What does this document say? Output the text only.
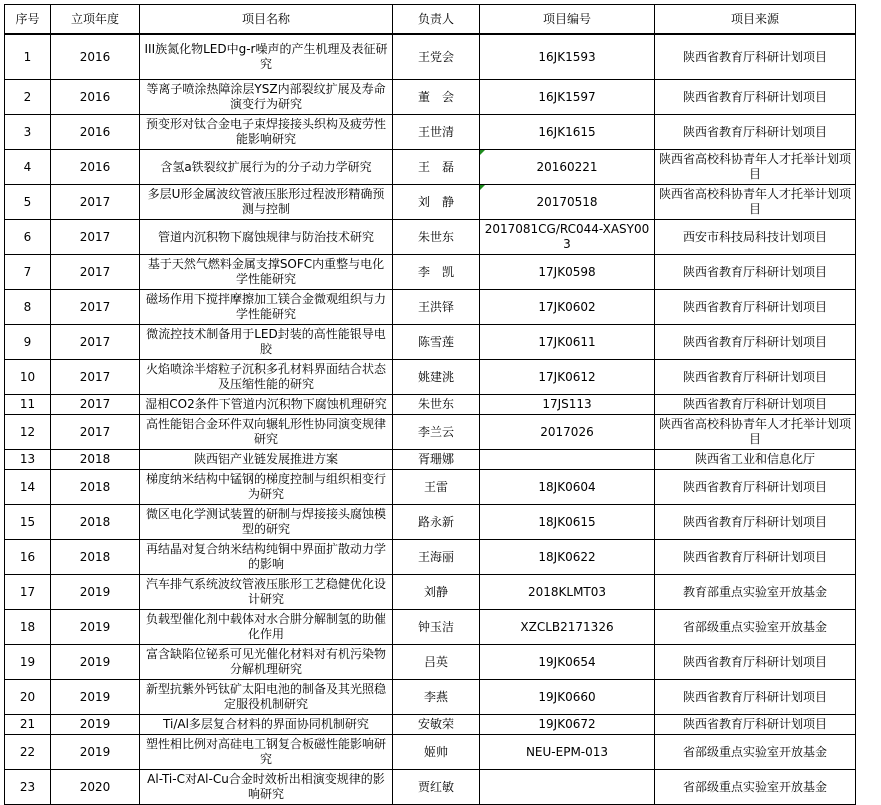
序号	立项年度	项目名称	负责人	项目编号	项目来源
1	2016	III族氮化物LED中g-r噪声的产生机理及表征研究	王党会	16JK1593	陕西省教育厅科研计划项目
2	2016	等离子喷涂热障涂层YSZ内部裂纹扩展及寿命演变行为研究	董　会	16JK1597	陕西省教育厅科研计划项目
3	2016	预变形对钛合金电子束焊接接头织构及疲劳性能影响研究	王世清	16JK1615	陕西省教育厅科研计划项目
4	2016	含氢a铁裂纹扩展行为的分子动力学研究	王　磊	20160221	陕西省高校科协青年人才托举计划项目
5	2017	多层U形金属波纹管液压胀形过程波形精确预测与控制	刘　静	20170518	陕西省高校科协青年人才托举计划项目
6	2017	管道内沉积物下腐蚀规律与防治技术研究	朱世东	2017081CG/RC044-XASY003	西安市科技局科技计划项目
7	2017	基于天然气燃料金属支撑SOFC内重整与电化学性能研究	李　凯	17JK0598	陕西省教育厅科研计划项目
8	2017	磁场作用下搅拌摩擦加工镁合金微观组织与力学性能研究	王洪铎	17JK0602	陕西省教育厅科研计划项目
9	2017	微流控技术制备用于LED封装的高性能银导电胶	陈雪莲	17JK0611	陕西省教育厅科研计划项目
10	2017	火焰喷涂半熔粒子沉积多孔材料界面结合状态及压缩性能的研究	姚建洮	17JK0612	陕西省教育厅科研计划项目
11	2017	湿相CO2条件下管道内沉积物下腐蚀机理研究	朱世东	17JS113	陕西省教育厅科研计划项目
12	2017	高性能铝合金环件双向辗轧形性协同演变规律研究	李兰云	2017026	陕西省高校科协青年人才托举计划项目
13	2018	陕西铝产业链发展推进方案	胥珊娜		陕西省工业和信息化厅
14	2018	梯度纳米结构中锰钢的梯度控制与组织相变行为研究	王雷	18JK0604	陕西省教育厅科研计划项目
15	2018	微区电化学测试装置的研制与焊接接头腐蚀模型的研究	路永新	18JK0615	陕西省教育厅科研计划项目
16	2018	再结晶对复合纳米结构纯铜中界面扩散动力学的影响	王海丽	18JK0622	陕西省教育厅科研计划项目
17	2019	汽车排气系统波纹管液压胀形工艺稳健优化设计研究	刘静	2018KLMT03	教育部重点实验室开放基金
18	2019	负载型催化剂中载体对水合肼分解制氢的助催化作用	钟玉洁	XZCLB2171326	省部级重点实验室开放基金
19	2019	富含缺陷位铋系可见光催化材料对有机污染物分解机理研究	吕英	19JK0654	陕西省教育厅科研计划项目
20	2019	新型抗紫外钙钛矿太阳电池的制备及其光照稳定服役机制研究	李燕	19JK0660	陕西省教育厅科研计划项目
21	2019	Ti/Al多层复合材料的界面协同机制研究	安敏荣	19JK0672	陕西省教育厅科研计划项目
22	2019	塑性相比例对高硅电工钢复合板磁性能影响研究	姬帅	NEU-EPM-013	省部级重点实验室开放基金
23	2020	Al-Ti-C对Al-Cu合金时效析出相演变规律的影响研究	贾红敏		省部级重点实验室开放基金
